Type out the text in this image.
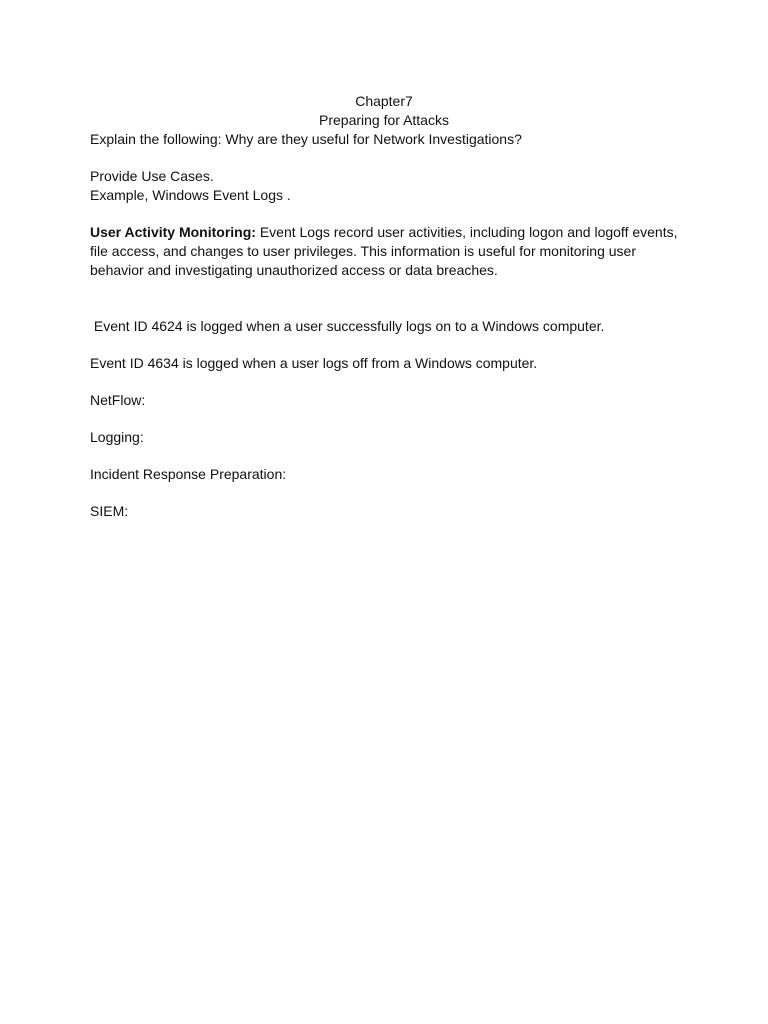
Chapter7

Preparing for Attacks

Explain the following: Why are they useful for Network Investigations?

Provide Use Cases.

Example, Windows Event Logs .

User Activity Monitoring: Event Logs record user activities, including logon and logoff events, file access, and changes to user privileges. This information is useful for monitoring user behavior and investigating unauthorized access or data breaches.

Event ID 4624 is logged when a user successfully logs on to a Windows computer.

Event ID 4634 is logged when a user logs off from a Windows computer.

NetFlow:

Logging:

Incident Response Preparation:

SIEM:
